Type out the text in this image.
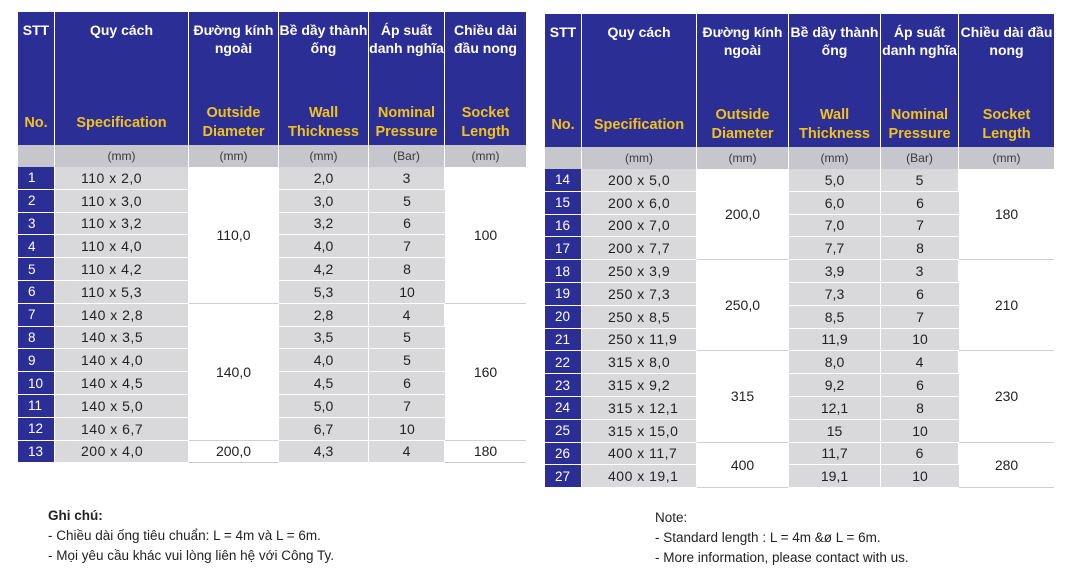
STT	Quy cách	Đường kính ngoài	Bề dầy thành ống	Áp suất danh nghĩa	Chiều dài đầu nong
No.	Specification	Outside Diameter	Wall Thickness	Nominal Pressure	Socket Length
	(mm)	(mm)	(mm)	(Bar)	(mm)
1	110 x 2,0	110,0	2,0	3	100
2	110 x 3,0		3,0	5	
3	110 x 3,2		3,2	6	
4	110 x 4,0		4,0	7	
5	110 x 4,2		4,2	8	
6	110 x 5,3		5,3	10	
7	140 x 2,8	140,0	2,8	4	160
8	140 x 3,5		3,5	5	
9	140 x 4,0		4,0	5	
10	140 x 4,5		4,5	6	
11	140 x 5,0		5,0	7	
12	140 x 6,7		6,7	10	
13	200 x 4,0	200,0	4,3	4	180
STT	Quy cách	Đường kính ngoài	Bề dầy thành ống	Áp suất danh nghĩa	Chiều dài đầu nong
No.	Specification	Outside Diameter	Wall Thickness	Nominal Pressure	Socket Length
	(mm)	(mm)	(mm)	(Bar)	(mm)
14	200 x 5,0	200,0	5,0	5	180
15	200 x 6,0		6,0	6	
16	200 x 7,0		7,0	7	
17	200 x 7,7		7,7	8	
18	250 x 3,9	250,0	3,9	3	210
19	250 x 7,3		7,3	6	
20	250 x 8,5		8,5	7	
21	250 x 11,9		11,9	10	
22	315 x 8,0	315	8,0	4	230
23	315 x 9,2		9,2	6	
24	315 x 12,1		12,1	8	
25	315 x 15,0		15	10	
26	400 x 11,7	400	11,7	6	280
27	400 x 19,1		19,1	10	
Ghi chú:
- Chiều dài ống tiêu chuẩn: L = 4m và L = 6m.
- Mọi yêu cầu khác vui lòng liên hệ với Công Ty.
Note:
- Standard length : L = 4m &ø L = 6m.
- More information, please contact with us.
